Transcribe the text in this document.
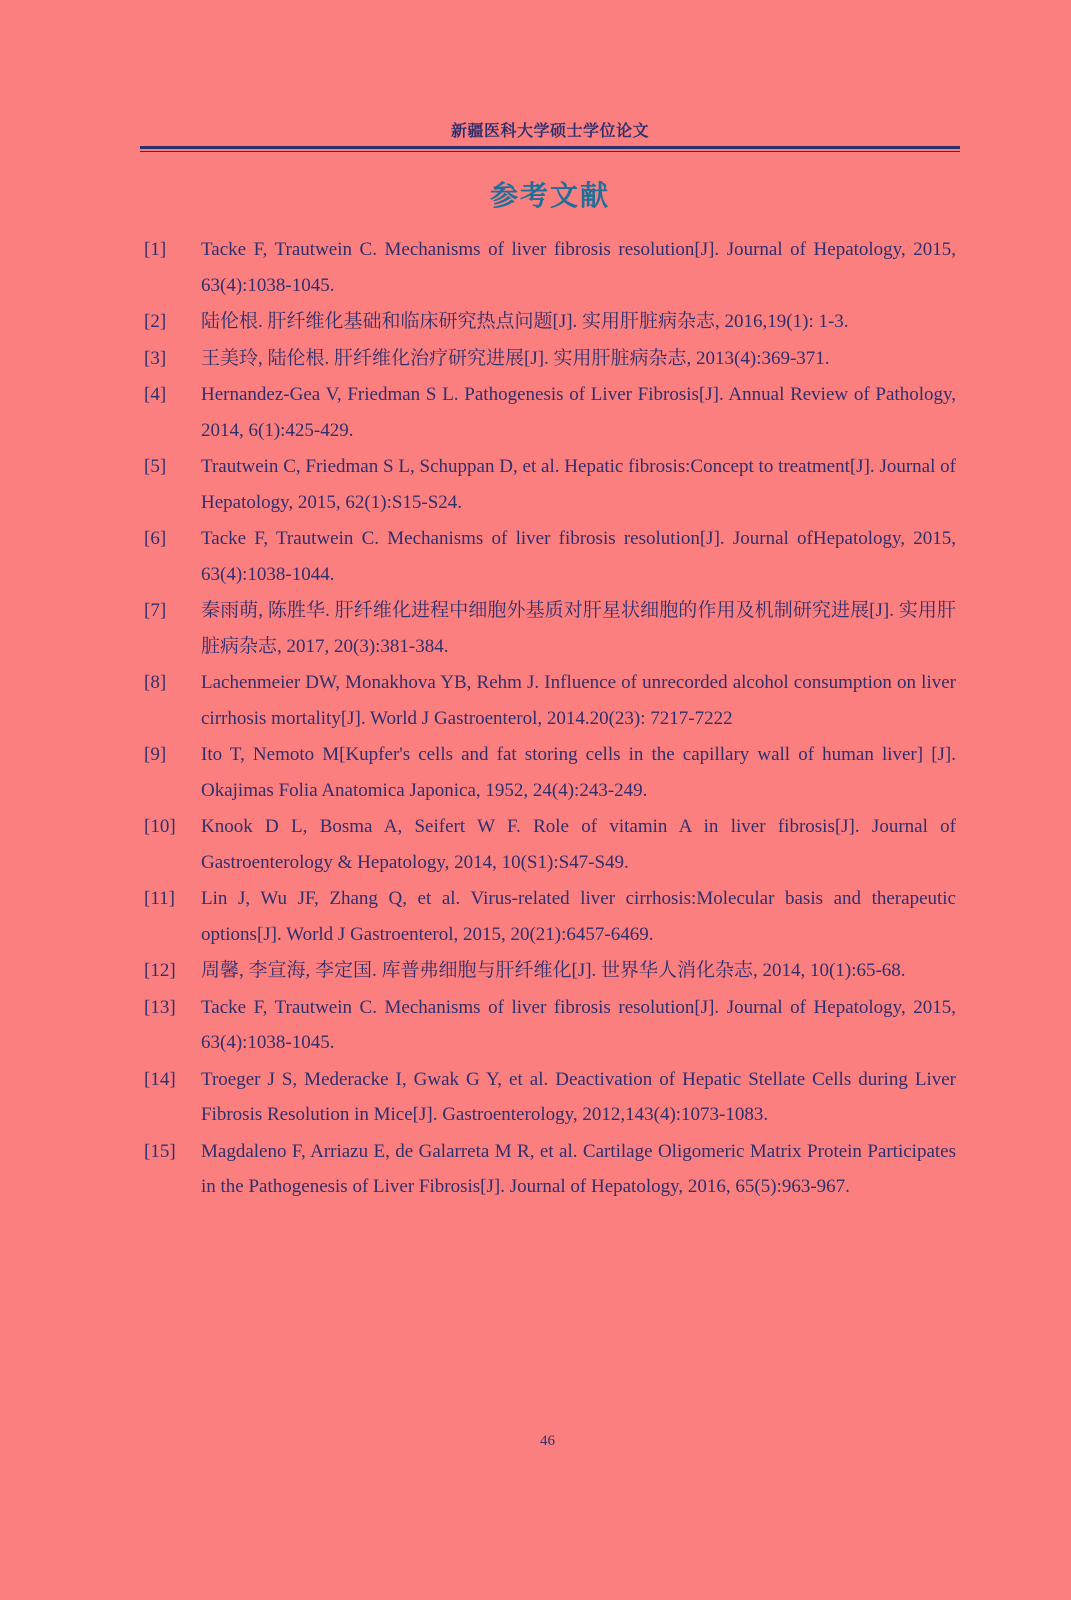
新疆医科大学硕士学位论文
参考文献
[1]	Tacke F, Trautwein C. Mechanisms of liver fibrosis resolution[J]. Journal of Hepatology, 2015, 63(4):1038-1045.
[2]	陆伦根. 肝纤维化基础和临床研究热点问题[J]. 实用肝脏病杂志, 2016,19(1): 1-3.
[3]	王美玲, 陆伦根. 肝纤维化治疗研究进展[J]. 实用肝脏病杂志, 2013(4):369-371.
[4]	Hernandez-Gea V, Friedman S L. Pathogenesis of Liver Fibrosis[J]. Annual Review of Pathology, 2014, 6(1):425-429.
[5]	Trautwein C, Friedman S L, Schuppan D, et al. Hepatic fibrosis:Concept to treatment[J]. Journal of Hepatology, 2015, 62(1):S15-S24.
[6]	Tacke F, Trautwein C. Mechanisms of liver fibrosis resolution[J]. Journal ofHepatology, 2015, 63(4):1038-1044.
[7]	秦雨萌, 陈胜华. 肝纤维化进程中细胞外基质对肝星状细胞的作用及机制研究进展[J]. 实用肝脏病杂志, 2017, 20(3):381-384.
[8]	Lachenmeier DW, Monakhova YB, Rehm J. Influence of unrecorded alcohol consumption on liver cirrhosis mortality[J]. World J Gastroenterol, 2014.20(23): 7217-7222
[9]	Ito T, Nemoto M[Kupfer's cells and fat storing cells in the capillary wall of human liver] [J]. Okajimas Folia Anatomica Japonica, 1952, 24(4):243-249.
[10]	Knook D L, Bosma A, Seifert W F. Role of vitamin A in liver fibrosis[J]. Journal of Gastroenterology & Hepatology, 2014, 10(S1):S47-S49.
[11]	Lin J, Wu JF, Zhang Q, et al. Virus-related liver cirrhosis:Molecular basis and therapeutic options[J]. World J Gastroenterol, 2015, 20(21):6457-6469.
[12]	周馨, 李宣海, 李定国. 库普弗细胞与肝纤维化[J]. 世界华人消化杂志, 2014, 10(1):65-68.
[13]	Tacke F, Trautwein C. Mechanisms of liver fibrosis resolution[J]. Journal of Hepatology, 2015, 63(4):1038-1045.
[14]	Troeger J S, Mederacke I, Gwak G Y, et al. Deactivation of Hepatic Stellate Cells during Liver Fibrosis Resolution in Mice[J]. Gastroenterology, 2012,143(4):1073-1083.
[15]	Magdaleno F, Arriazu E, de Galarreta M R, et al. Cartilage Oligomeric Matrix Protein Participates in the Pathogenesis of Liver Fibrosis[J]. Journal of Hepatology, 2016, 65(5):963-967.
46
